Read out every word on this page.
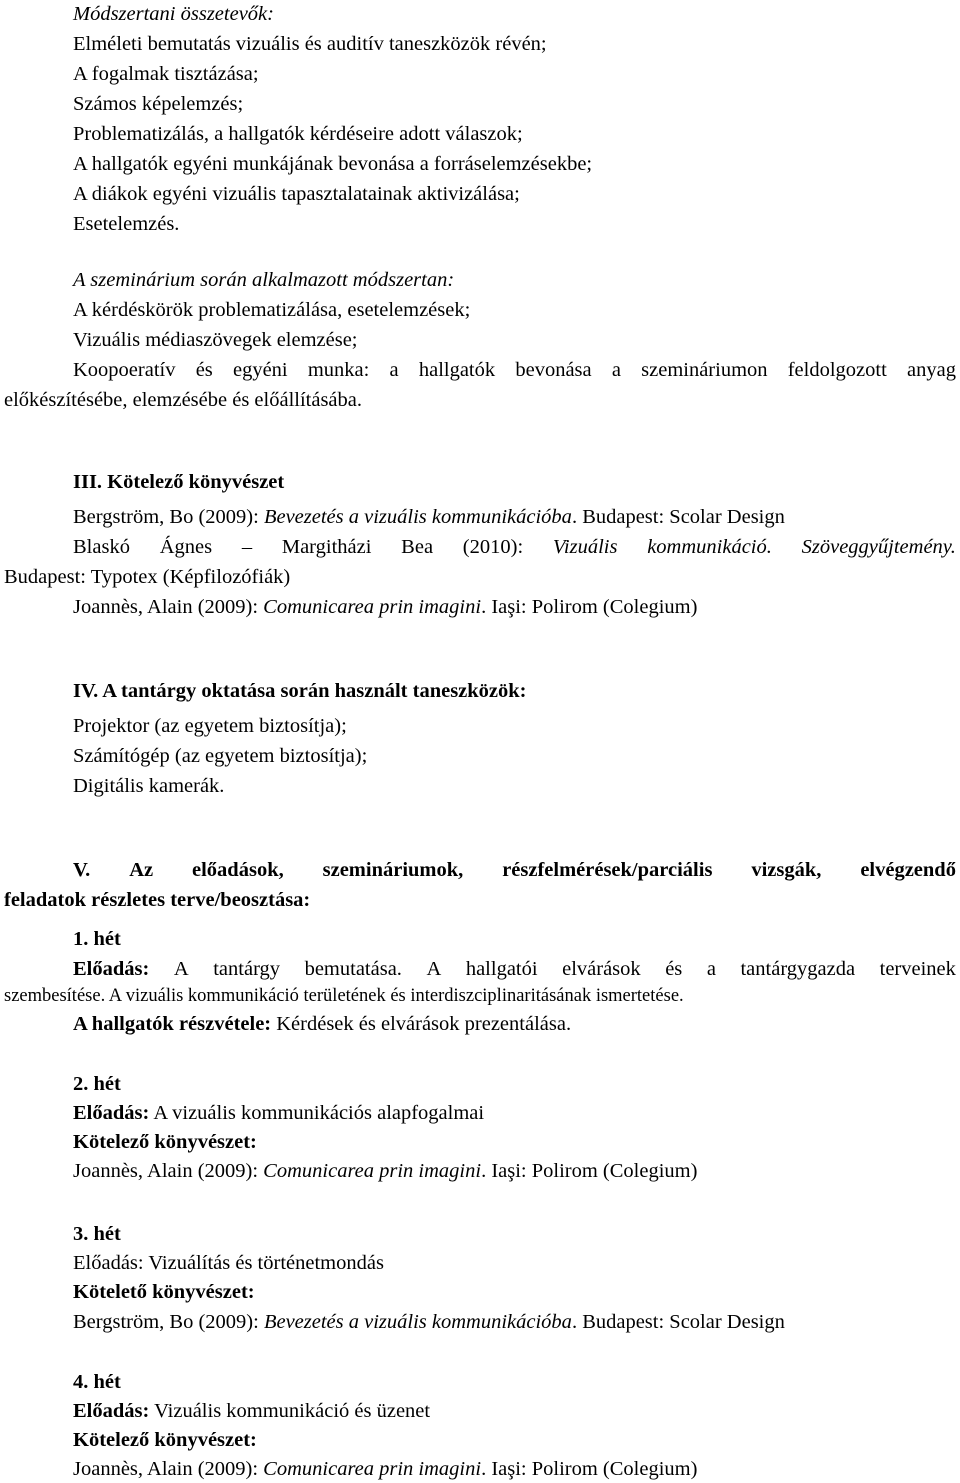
Módszertani összetevők:
Elméleti bemutatás vizuális és auditív taneszközök révén;
A fogalmak tisztázása;
Számos képelemzés;
Problematizálás, a hallgatók kérdéseire adott válaszok;
A hallgatók egyéni munkájának bevonása a forráselemzésekbe;
A diákok egyéni vizuális tapasztalatainak aktivizálása;
Esetelemzés.
A szeminárium során alkalmazott módszertan:
A kérdéskörök problematizálása, esetelemzések;
Vizuális médiaszövegek elemzése;
Koopoeratív és egyéni munka: a hallgatók bevonása a szemináriumon feldolgozott anyag
előkészítésébe, elemzésébe és előállításába.
III. Kötelező könyvészet
Bergström, Bo (2009): Bevezetés a vizuális kommunikációba. Budapest: Scolar Design
Blaskó Ágnes – Margitházi Bea (2010): Vizuális kommunikáció. Szöveggyűjtemény.
Budapest: Typotex (Képfilozófiák)
Joannès, Alain (2009): Comunicarea prin imagini. Iaşi: Polirom (Colegium)
IV. A tantárgy oktatása során használt taneszközök:
Projektor (az egyetem biztosítja);
Számítógép (az egyetem biztosítja);
Digitális kamerák.
V. Az előadások, szemináriumok, részfelmérések/parciális vizsgák, elvégzendő
feladatok részletes terve/beosztása:
1. hét
Előadás: A tantárgy bemutatása. A hallgatói elvárások és a tantárgygazda terveinek
szembesítése. A vizuális kommunikáció területének és interdiszciplinaritásának ismertetése.
A hallgatók részvétele: Kérdések és elvárások prezentálása.
2. hét
Előadás: A vizuális kommunikációs alapfogalmai
Kötelező könyvészet:
Joannès, Alain (2009): Comunicarea prin imagini. Iaşi: Polirom (Colegium)
3. hét
Előadás: Vizuálítás és történetmondás
Kötelető könyvészet:
Bergström, Bo (2009): Bevezetés a vizuális kommunikációba. Budapest: Scolar Design
4. hét
Előadás: Vizuális kommunikáció és üzenet
Kötelező könyvészet:
Joannès, Alain (2009): Comunicarea prin imagini. Iaşi: Polirom (Colegium)
